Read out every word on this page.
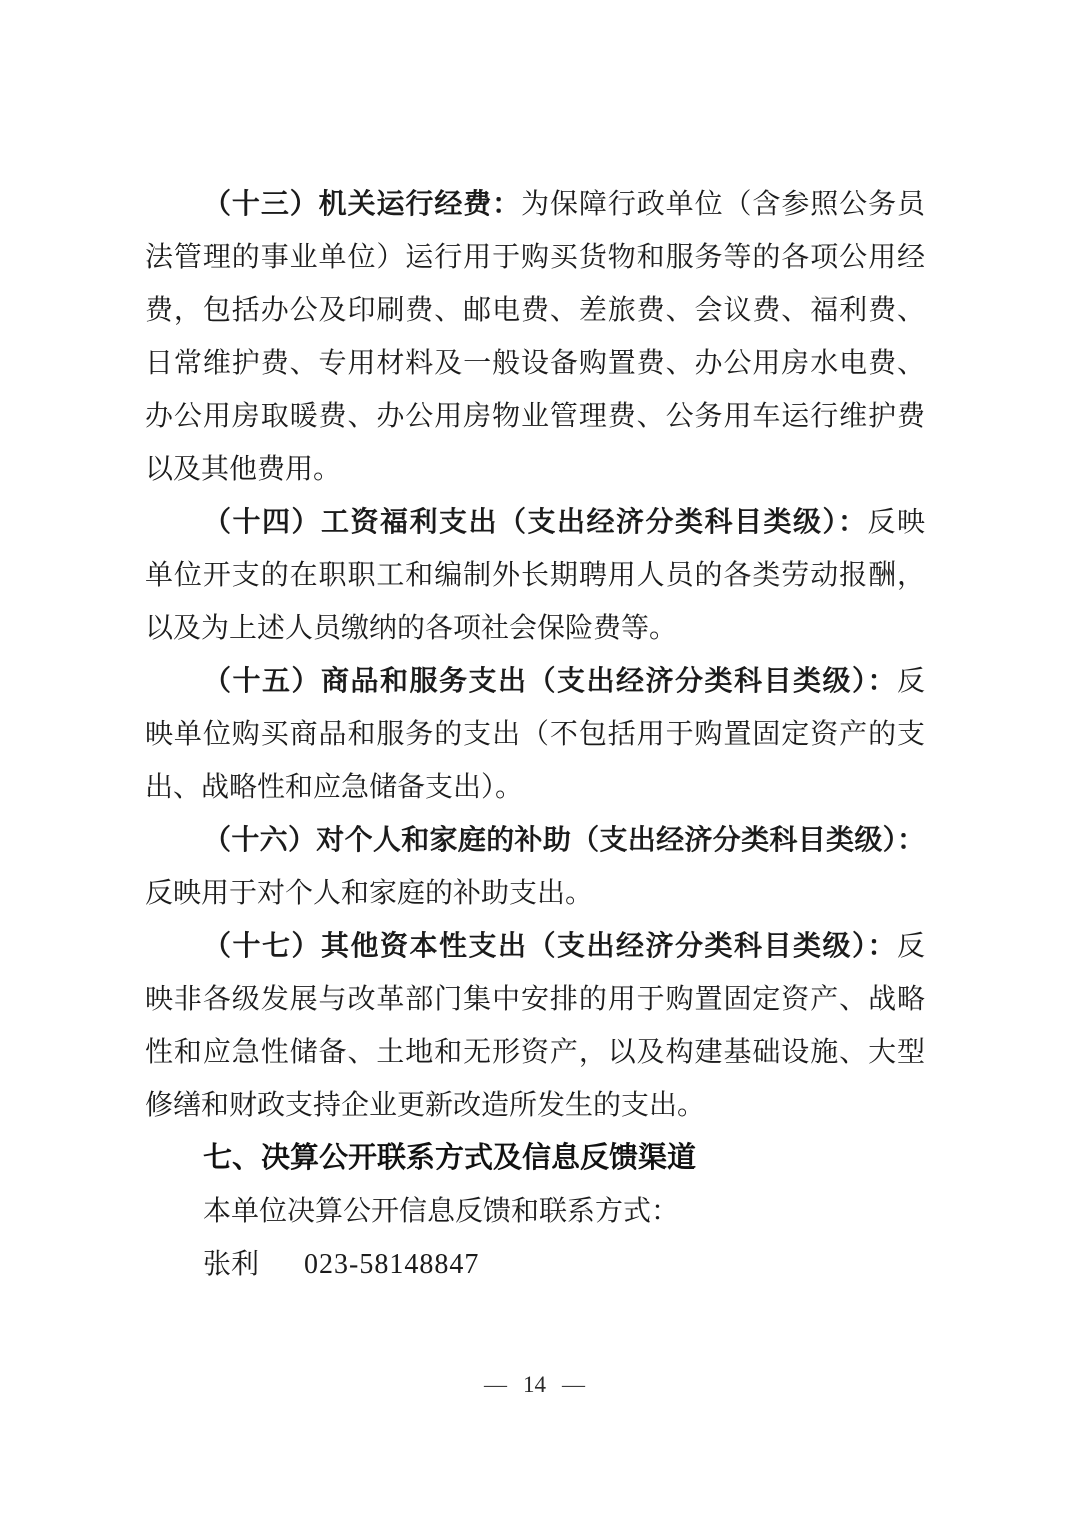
（十三）机关运行经费：为保障行政单位（含参照公务员
法管理的事业单位）运行用于购买货物和服务等的各项公用经
费，包括办公及印刷费、邮电费、差旅费、会议费、福利费、
日常维护费、专用材料及一般设备购置费、办公用房水电费、
办公用房取暖费、办公用房物业管理费、公务用车运行维护费
以及其他费用。
（十四）工资福利支出（支出经济分类科目类级）：反映
单位开支的在职职工和编制外长期聘用人员的各类劳动报酬，
以及为上述人员缴纳的各项社会保险费等。
（十五）商品和服务支出（支出经济分类科目类级）：反
映单位购买商品和服务的支出（不包括用于购置固定资产的支
出、战略性和应急储备支出）。
（十六）对个人和家庭的补助（支出经济分类科目类级）：
反映用于对个人和家庭的补助支出。
（十七）其他资本性支出（支出经济分类科目类级）：反
映非各级发展与改革部门集中安排的用于购置固定资产、战略
性和应急性储备、土地和无形资产，以及构建基础设施、大型
修缮和财政支持企业更新改造所发生的支出。
七、决算公开联系方式及信息反馈渠道
本单位决算公开信息反馈和联系方式：
张利 023-58148847
— 14 —
